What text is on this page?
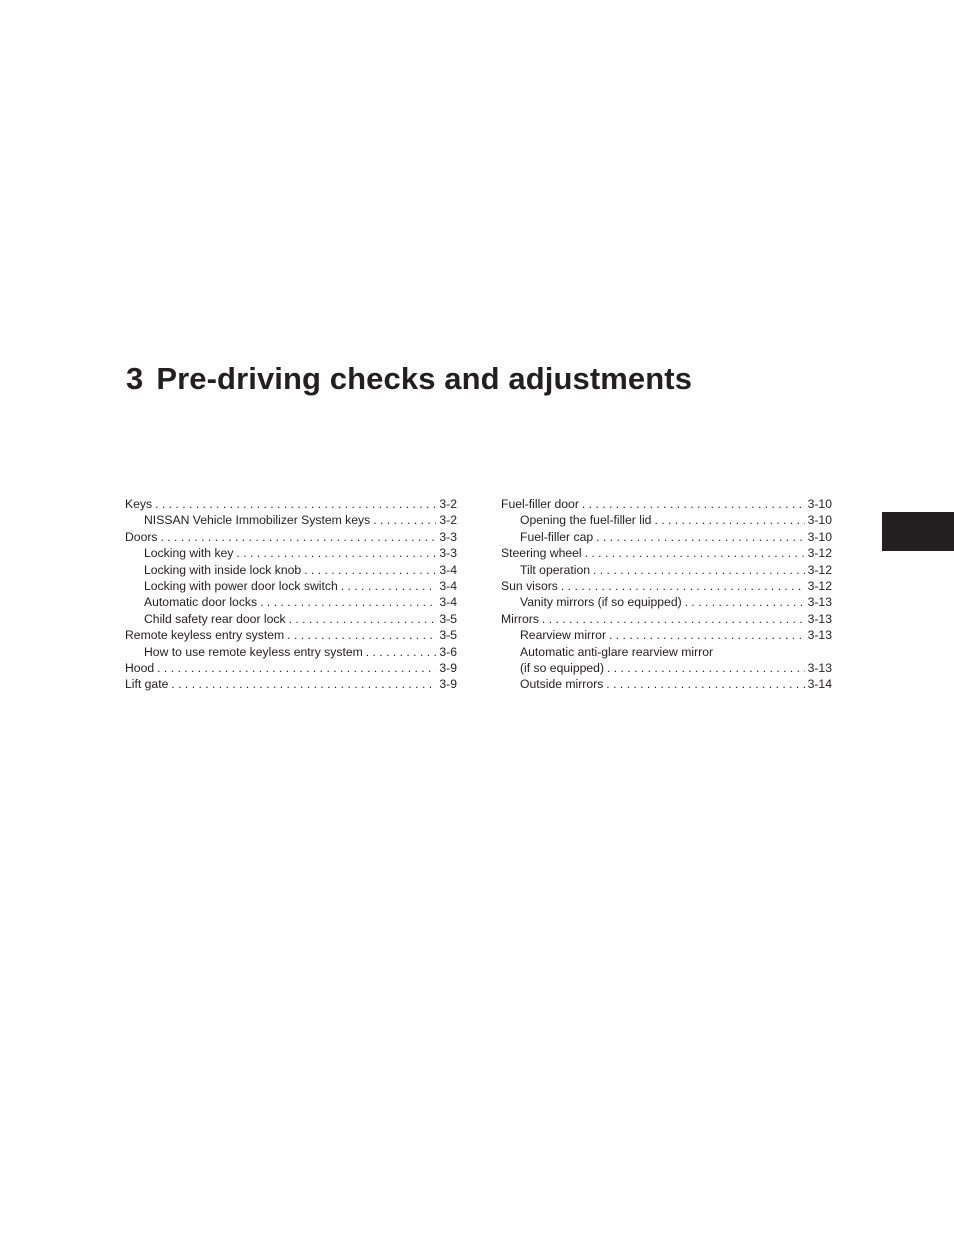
3 Pre-driving checks and adjustments
Keys . . .	3-2
NISSAN Vehicle Immobilizer System keys . . .	3-2
Doors . . .	3-3
Locking with key . . .	3-3
Locking with inside lock knob . . .	3-4
Locking with power door lock switch . . .	3-4
Automatic door locks . . .	3-4
Child safety rear door lock . . .	3-5
Remote keyless entry system . . .	3-5
How to use remote keyless entry system . . .	3-6
Hood . . .	3-9
Lift gate . . .	3-9
Fuel-filler door . . .	3-10
Opening the fuel-filler lid . . .	3-10
Fuel-filler cap . . .	3-10
Steering wheel . . .	3-12
Tilt operation . . .	3-12
Sun visors . . .	3-12
Vanity mirrors (if so equipped) . . .	3-13
Mirrors . . .	3-13
Rearview mirror . . .	3-13
Automatic anti-glare rearview mirror
(if so equipped) . . .	3-13
Outside mirrors . . .	3-14
